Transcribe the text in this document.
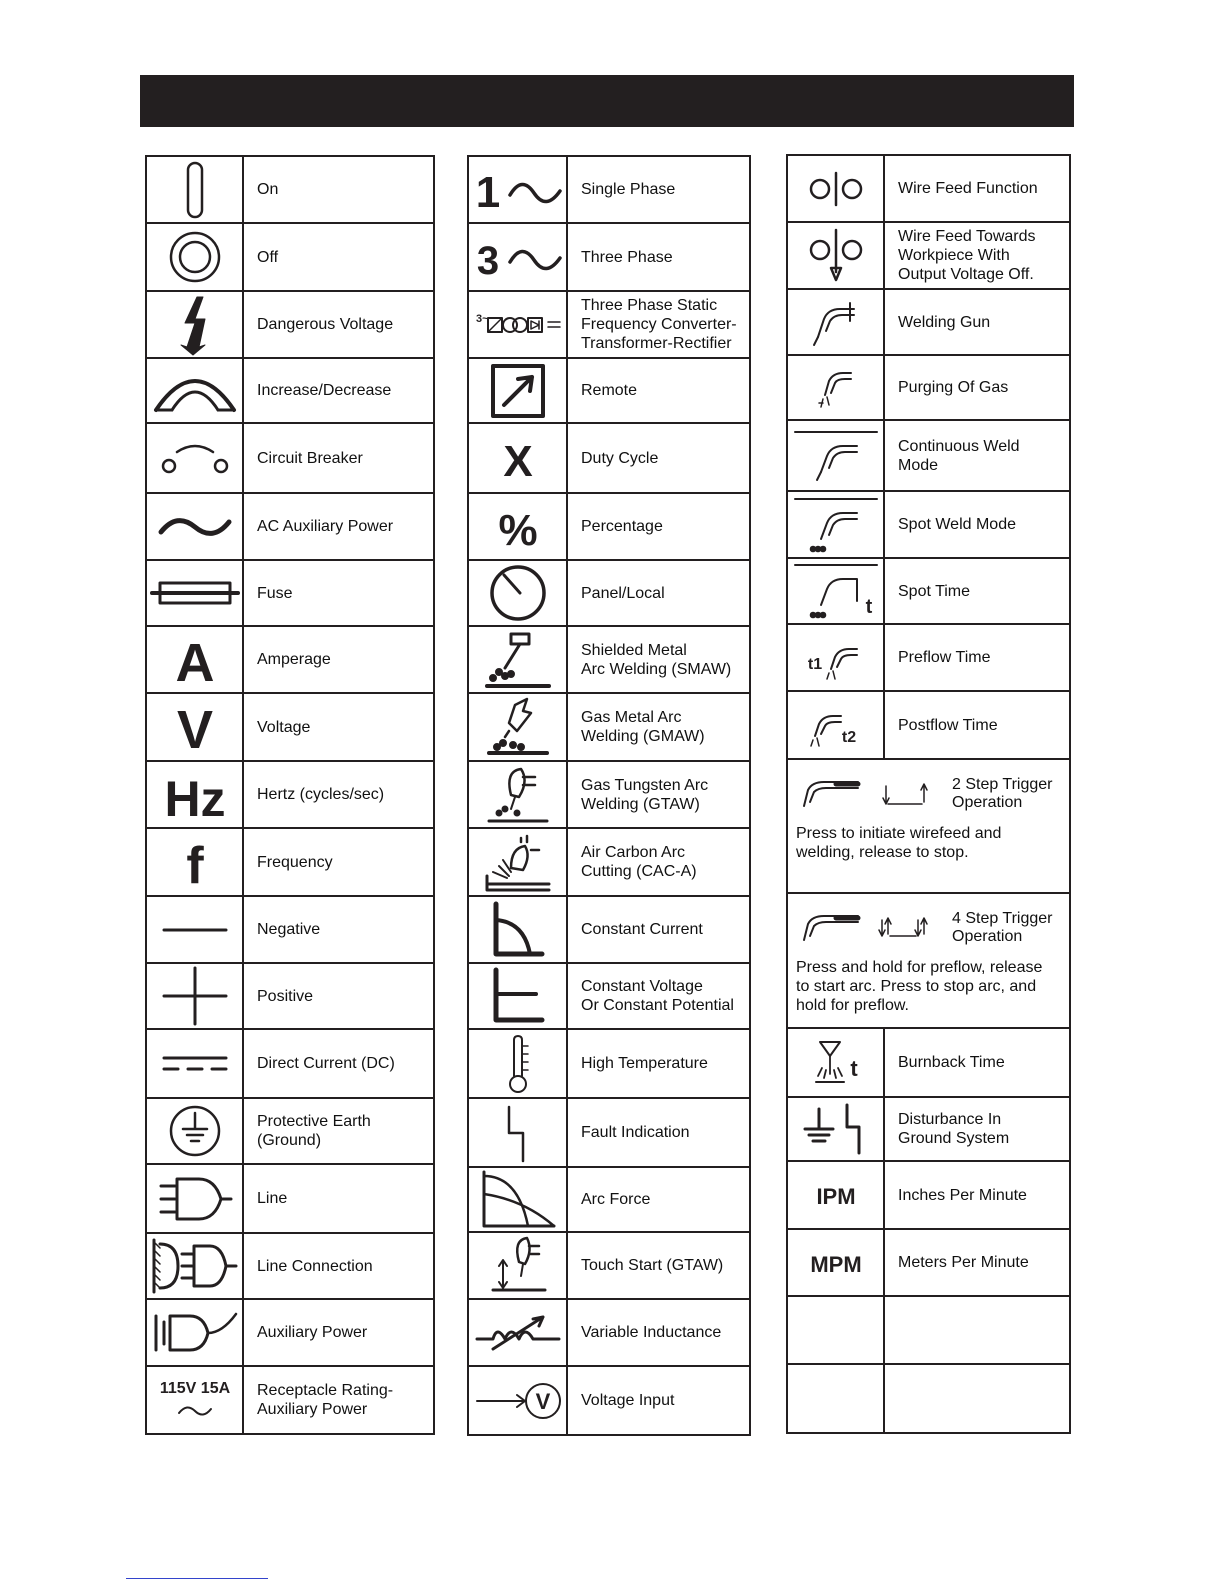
	On

	Off

	Dangerous Voltage

	Increase/Decrease

	Circuit Breaker

	AC Auxiliary Power

	Fuse

A	Amperage

V	Voltage

Hz	Hertz (cycles/sec)

f	Frequency

	Negative

	Positive

	Direct Current (DC)

	Protective Earth
(Ground)

	Line

	Line Connection

	Auxiliary Power

115V 15A	Receptacle Rating-
Auxiliary Power
1	Single Phase

3	Three Phase

3~	Three Phase Static
Frequency Converter-
Transformer-Rectifier

	Remote

X	Duty Cycle

%	Percentage

	Panel/Local

	Shielded Metal
Arc Welding (SMAW)

	Gas Metal Arc
Welding (GMAW)

	Gas Tungsten Arc
Welding (GTAW)

	Air Carbon Arc
Cutting (CAC-A)

	Constant Current

	Constant Voltage
Or Constant Potential

	High Temperature

	Fault Indication

	Arc Force

	Touch Start (GTAW)

	Variable Inductance

V	Voltage Input
	Wire Feed Function

	Wire Feed Towards
Workpiece With
Output Voltage Off.

	Welding Gun

	Purging Of Gas

	Continuous Weld
Mode

	Spot Weld Mode

t	Spot Time

t1	Preflow Time

t2	Postflow Time

2 Step Trigger
Operation
Press to initiate wirefeed and
welding, release to stop.	

4 Step Trigger
Operation
Press and hold for preflow, release
to start arc. Press to stop arc, and
hold for preflow.	

t	Burnback Time

	Disturbance In
Ground System

IPM	Inches Per Minute

MPM	Meters Per Minute
